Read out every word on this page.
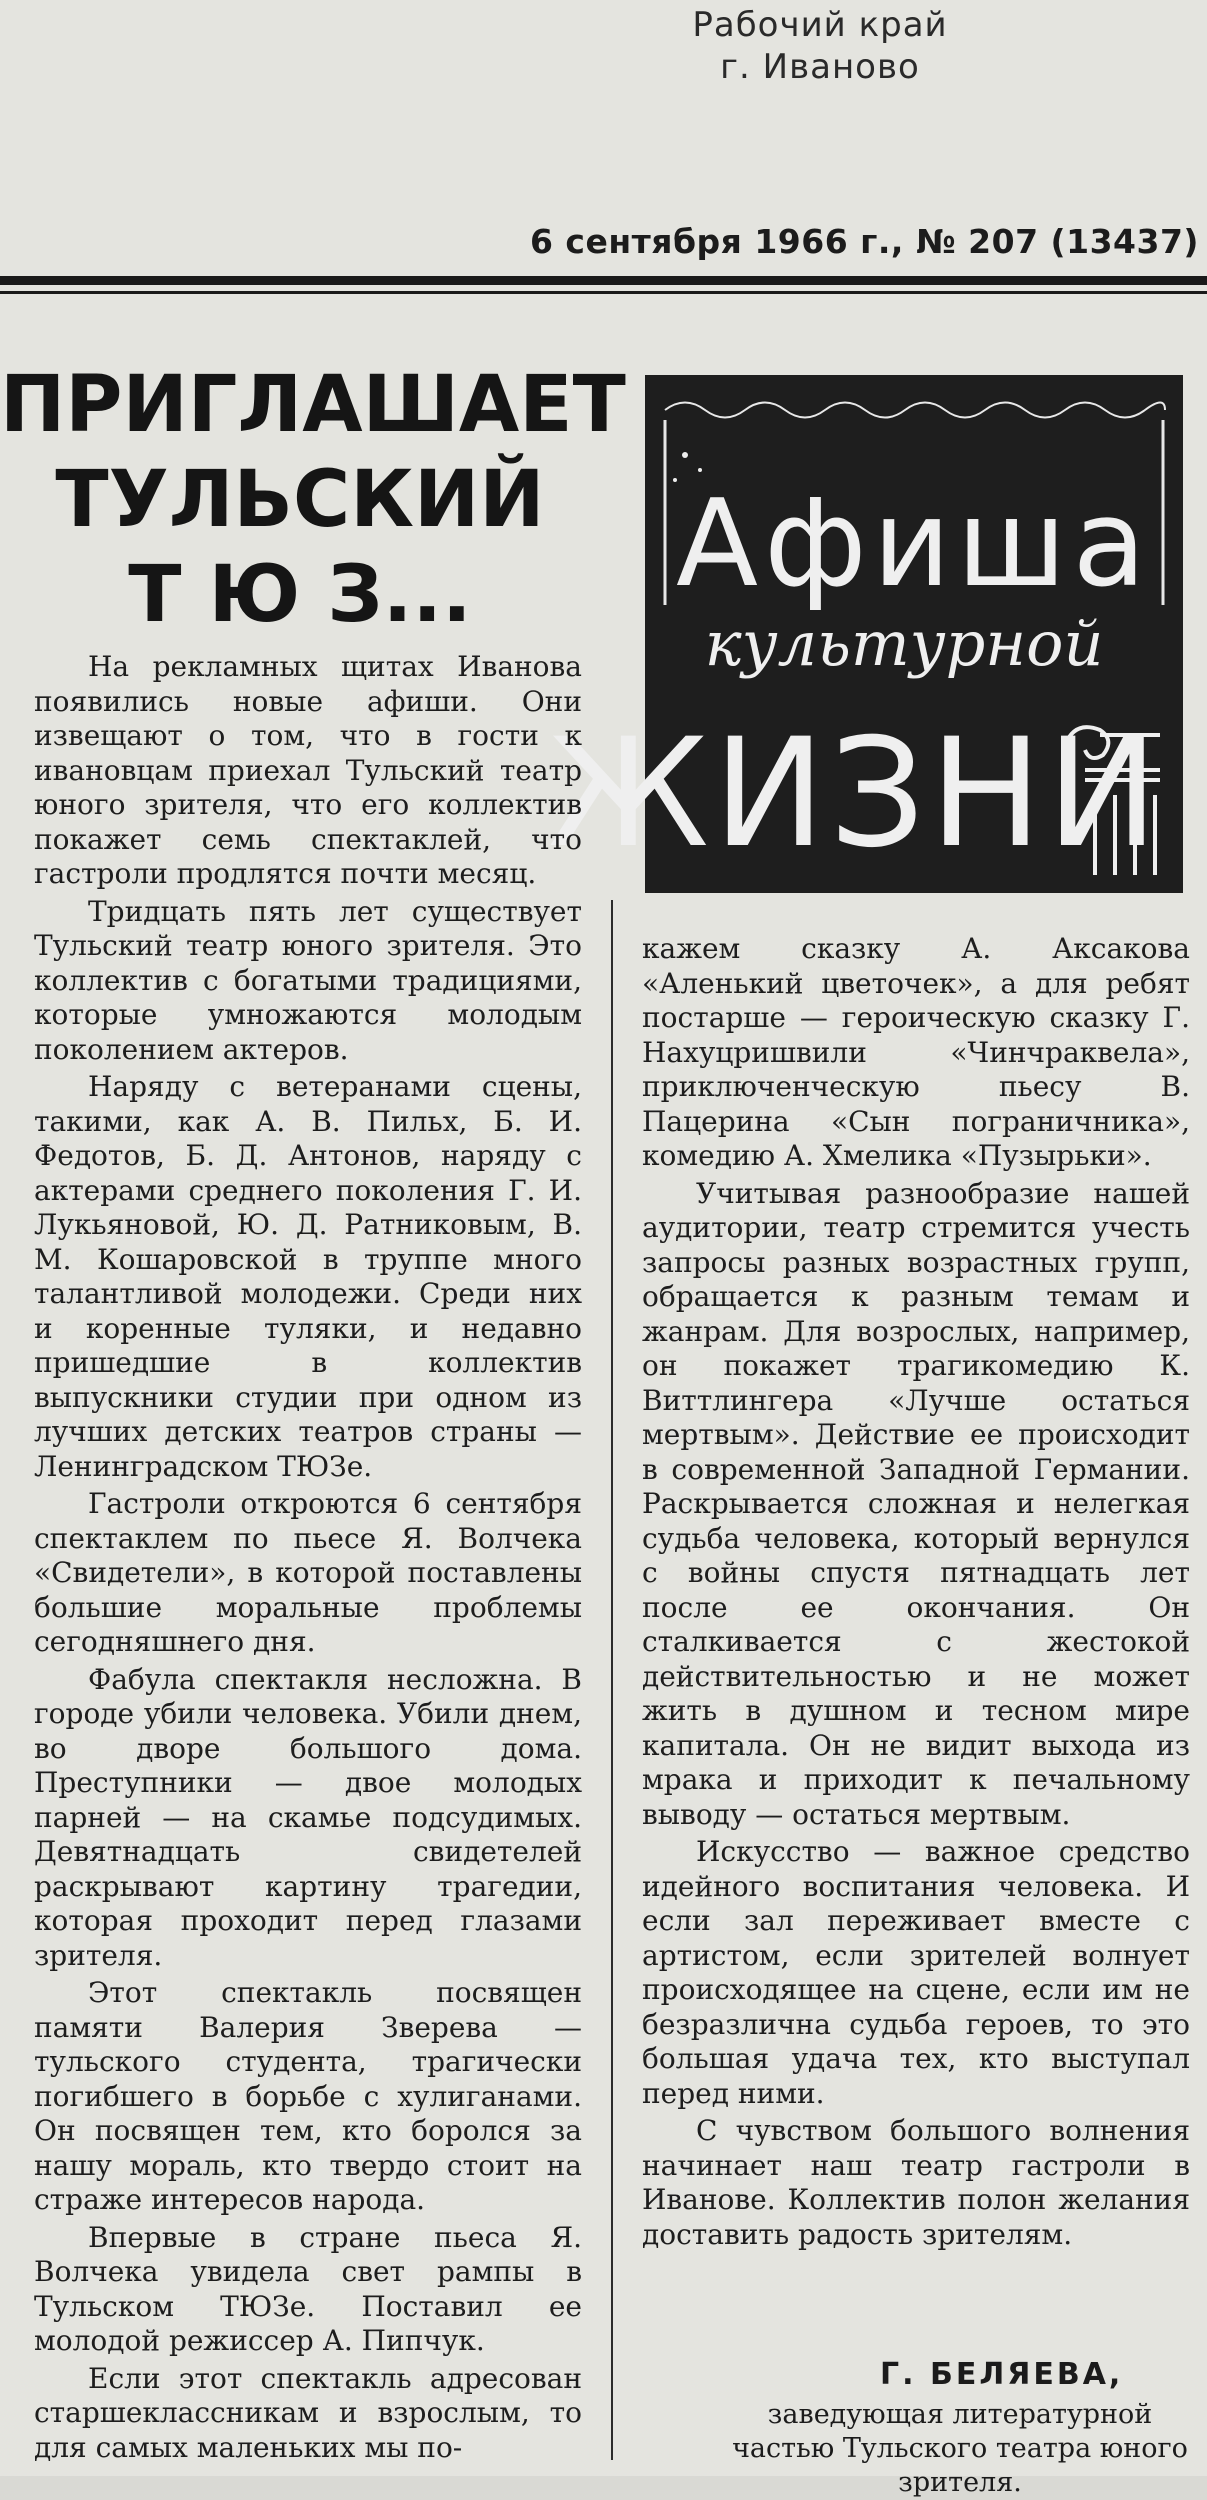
Рабочий край
г. Иваново
6 сентября 1966 г., № 207 (13437)
ПРИГЛАШАЕТ
ТУЛЬСКИЙ
Т Ю З...	Афиша
культурной
ЖИЗНИ

На рекламных щитах Иванова появились новые афиши. Они извещают о том, что в гости к ивановцам приехал Тульский театр юного зрителя, что его коллектив покажет семь спектаклей, что гастроли продлятся почти месяц.

Тридцать пять лет существует Тульский театр юного зрителя. Это коллектив с богатыми традициями, которые умножаются молодым поколением актеров.

Наряду с ветеранами сцены, такими, как А. В. Пильх, Б. И. Федотов, Б. Д. Антонов, наряду с актерами среднего поколения Г. И. Лукьяновой, Ю. Д. Ратниковым, В. М. Кошаровской в труппе много талантливой молодежи. Среди них и коренные туляки, и недавно пришедшие в коллектив выпускники студии при одном из лучших детских театров страны — Ленинградском ТЮЗе.

Гастроли откроются 6 сентября спектаклем по пьесе Я. Волчека «Свидетели», в которой поставлены большие моральные проблемы сегодняшнего дня.

Фабула спектакля несложна. В городе убили человека. Убили днем, во дворе большого дома. Преступники — двое молодых парней — на скамье подсудимых. Девятнадцать свидетелей раскрывают картину трагедии, которая проходит перед глазами зрителя.

Этот спектакль посвящен памяти Валерия Зверева — тульского студента, трагически погибшего в борьбе с хулиганами. Он посвящен тем, кто боролся за нашу мораль, кто твердо стоит на страже интересов народа.

Впервые в стране пьеса Я. Волчека увидела свет рампы в Тульском ТЮЗе. Поставил ее молодой режиссер А. Пипчук.

Если этот спектакль адресован старшеклассникам и взрослым, то для самых маленьких мы по-

кажем сказку А. Аксакова «Аленький цветочек», а для ребят постарше — героическую сказку Г. Нахуцришвили «Чинчраквела», приключенческую пьесу В. Пацерина «Сын пограничника», комедию А. Хмелика «Пузырьки».

Учитывая разнообразие нашей аудитории, театр стремится учесть запросы разных возрастных групп, обращается к разным темам и жанрам. Для возрослых, например, он покажет трагикомедию К. Виттлингера «Лучше остаться мертвым». Действие ее происходит в современной Западной Германии. Раскрывается сложная и нелегкая судьба человека, который вернулся с войны спустя пятнадцать лет после ее окончания. Он сталкивается с жестокой действительностью и не может жить в душном и тесном мире капитала. Он не видит выхода из мрака и приходит к печальному выводу — остаться мертвым.

Искусство — важное средство идейного воспитания человека. И если зал переживает вместе с артистом, если зрителей волнует происходящее на сцене, если им не безразлична судьба героев, то это большая удача тех, кто выступал перед ними.

С чувством большого волнения начинает наш театр гастроли в Иванове. Коллектив полон желания доставить радость зрителям.

Г. БЕЛЯЕВА,
заведующая литературной частью Тульского театра юного зрителя.
